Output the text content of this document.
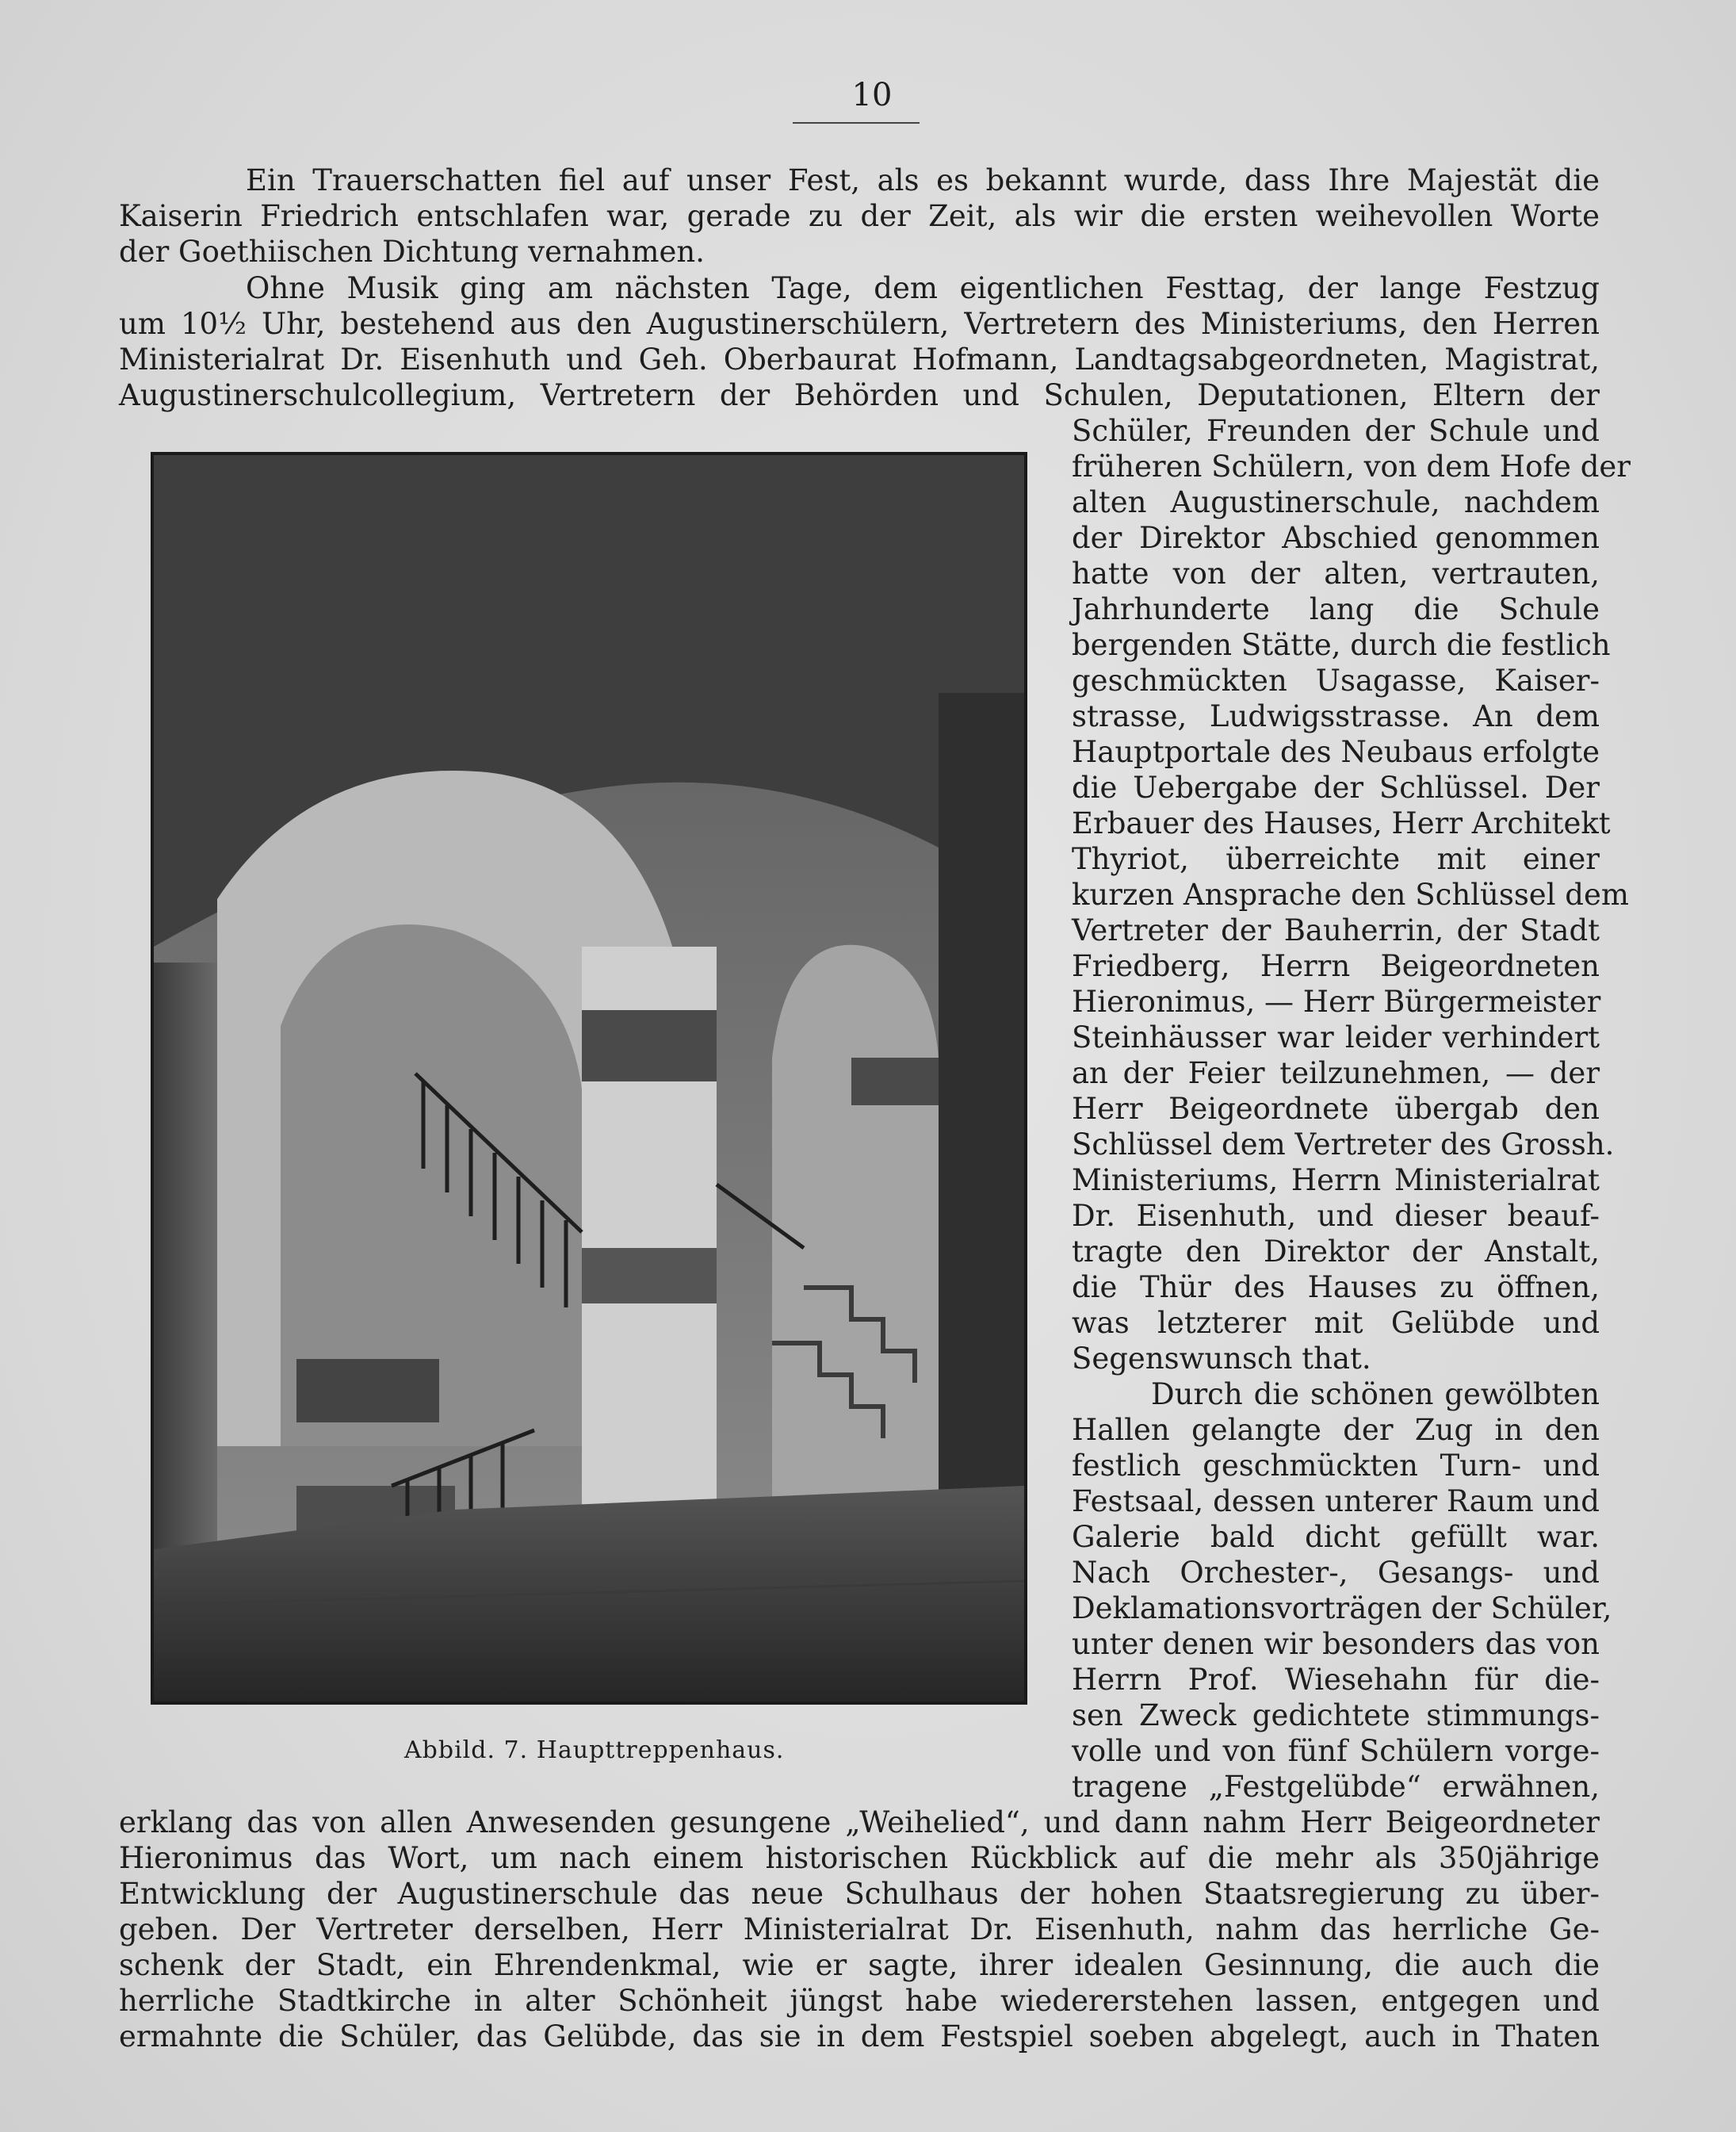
10
Ein Trauerschatten fiel auf unser Fest, als es bekannt wurde, dass Ihre Majestät die
Kaiserin Friedrich entschlafen war, gerade zu der Zeit, als wir die ersten weihevollen Worte
der Goethiischen Dichtung vernahmen.
Ohne Musik ging am nächsten Tage, dem eigentlichen Festtag, der lange Festzug
um 10½ Uhr, bestehend aus den Augustinerschülern, Vertretern des Ministeriums, den Herren
Ministerialrat Dr. Eisenhuth und Geh. Oberbaurat Hofmann, Landtagsabgeordneten, Magistrat,
Augustinerschulcollegium, Vertretern der Behörden und Schulen, Deputationen, Eltern der
Abbild. 7. Haupttreppenhaus.
Schüler, Freunden der Schule und
früheren Schülern, von dem Hofe der
alten Augustinerschule, nachdem
der Direktor Abschied genommen
hatte von der alten, vertrauten,
Jahrhunderte lang die Schule
bergenden Stätte, durch die festlich
geschmückten Usagasse, Kaiser-
strasse, Ludwigsstrasse. An dem
Hauptportale des Neubaus erfolgte
die Uebergabe der Schlüssel. Der
Erbauer des Hauses, Herr Architekt
Thyriot, überreichte mit einer
kurzen Ansprache den Schlüssel dem
Vertreter der Bauherrin, der Stadt
Friedberg, Herrn Beigeordneten
Hieronimus, — Herr Bürgermeister
Steinhäusser war leider verhindert
an der Feier teilzunehmen, — der
Herr Beigeordnete übergab den
Schlüssel dem Vertreter des Grossh.
Ministeriums, Herrn Ministerialrat
Dr. Eisenhuth, und dieser beauf-
tragte den Direktor der Anstalt,
die Thür des Hauses zu öffnen,
was letzterer mit Gelübde und
Segenswunsch that.
Durch die schönen gewölbten
Hallen gelangte der Zug in den
festlich geschmückten Turn- und
Festsaal, dessen unterer Raum und
Galerie bald dicht gefüllt war.
Nach Orchester-, Gesangs- und
Deklamationsvorträgen der Schüler,
unter denen wir besonders das von
Herrn Prof. Wiesehahn für die-
sen Zweck gedichtete stimmungs-
volle und von fünf Schülern vorge-
tragene „Festgelübde“ erwähnen,
erklang das von allen Anwesenden gesungene „Weihelied“, und dann nahm Herr Beigeordneter
Hieronimus das Wort, um nach einem historischen Rückblick auf die mehr als 350jährige
Entwicklung der Augustinerschule das neue Schulhaus der hohen Staatsregierung zu über-
geben. Der Vertreter derselben, Herr Ministerialrat Dr. Eisenhuth, nahm das herrliche Ge-
schenk der Stadt, ein Ehrendenkmal, wie er sagte, ihrer idealen Gesinnung, die auch die
herrliche Stadtkirche in alter Schönheit jüngst habe wiedererstehen lassen, entgegen und
ermahnte die Schüler, das Gelübde, das sie in dem Festspiel soeben abgelegt, auch in Thaten
